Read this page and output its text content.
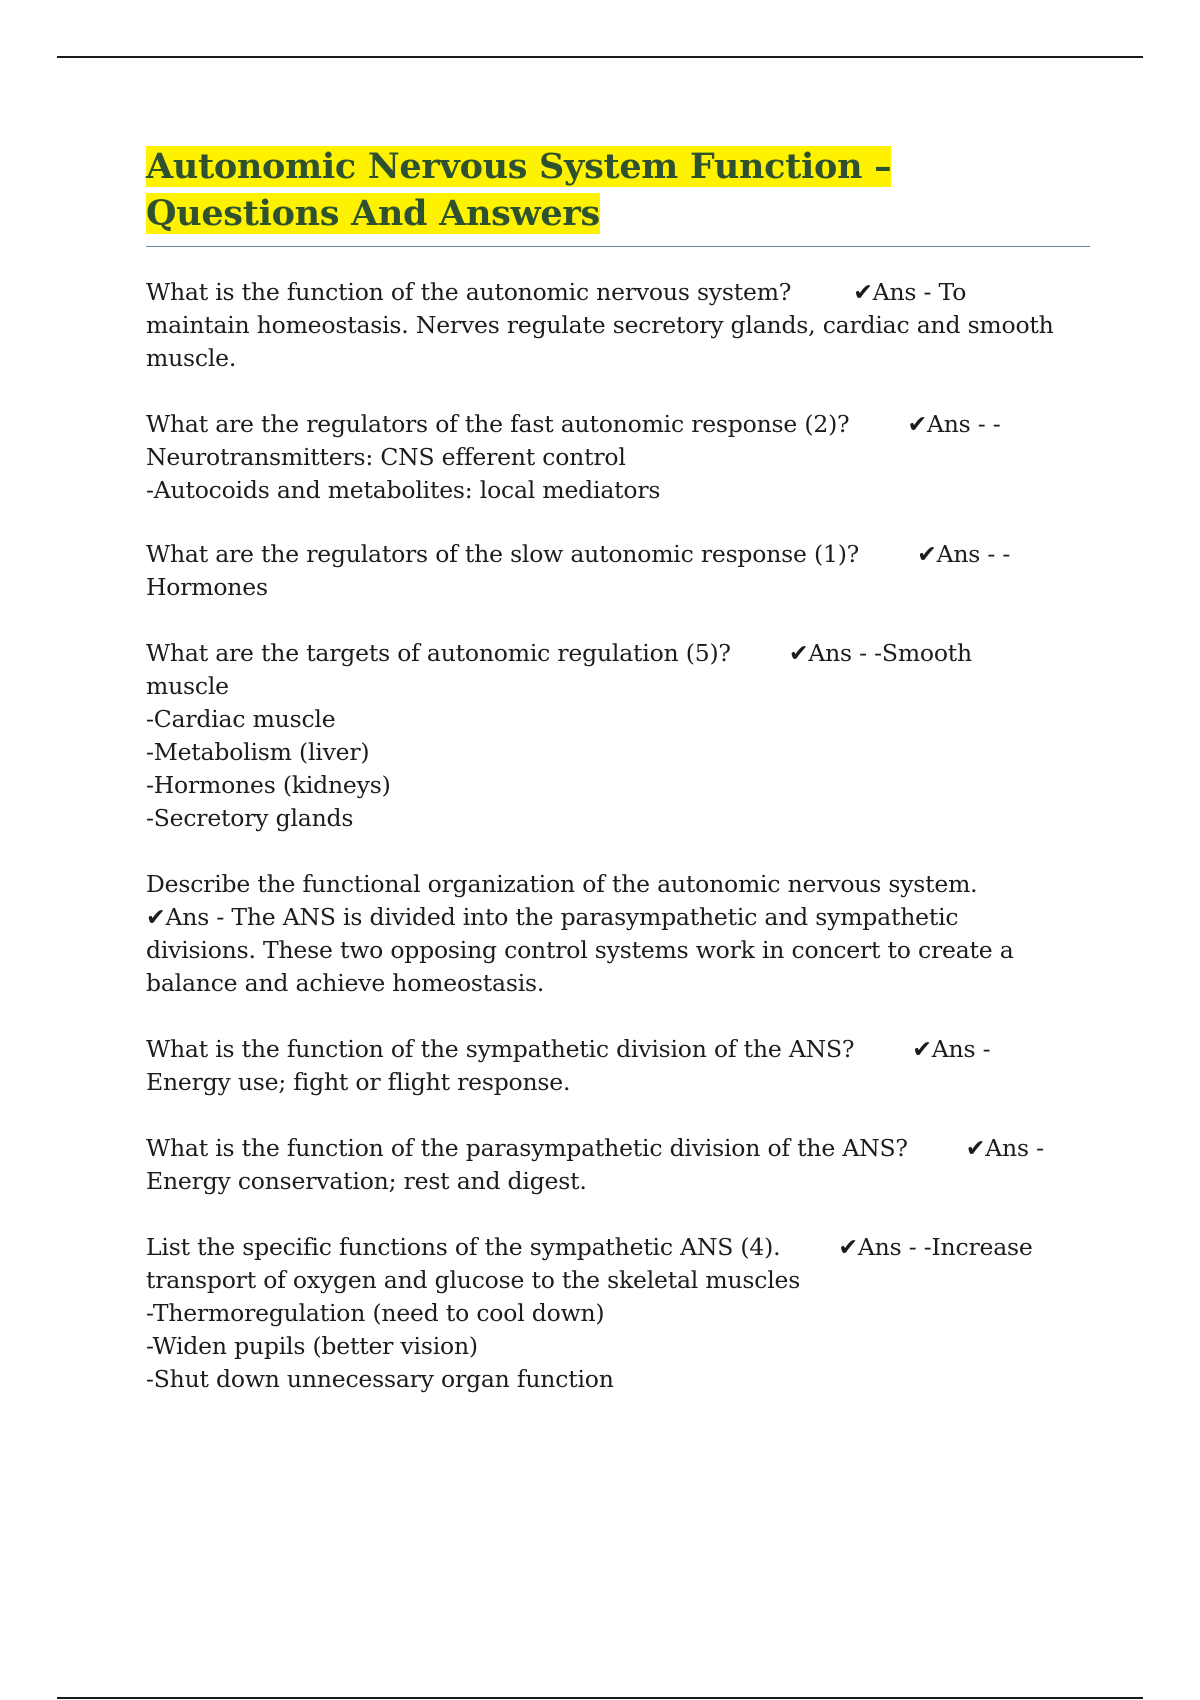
Autonomic Nervous System Function – Questions And Answers

What is the function of the autonomic nervous system?	✔Ans - To
maintain homeostasis. Nerves regulate secretory glands, cardiac and smooth
muscle.

What are the regulators of the fast autonomic response (2)? ✔Ans - -
Neurotransmitters: CNS efferent control
-Autocoids and metabolites: local mediators

What are the regulators of the slow autonomic response (1)? ✔Ans - -
Hormones

What are the targets of autonomic regulation (5)? ✔Ans - -Smooth
muscle
-Cardiac muscle
-Metabolism (liver)
-Hormones (kidneys)
-Secretory glands

Describe the functional organization of the autonomic nervous system.
✔Ans - The ANS is divided into the parasympathetic and sympathetic
divisions. These two opposing control systems work in concert to create a
balance and achieve homeostasis.

What is the function of the sympathetic division of the ANS? ✔Ans -
Energy use; fight or flight response.

What is the function of the parasympathetic division of the ANS? ✔Ans -
Energy conservation; rest and digest.

List the specific functions of the sympathetic ANS (4). ✔Ans - -Increase
transport of oxygen and glucose to the skeletal muscles
-Thermoregulation (need to cool down)
-Widen pupils (better vision)
-Shut down unnecessary organ function
